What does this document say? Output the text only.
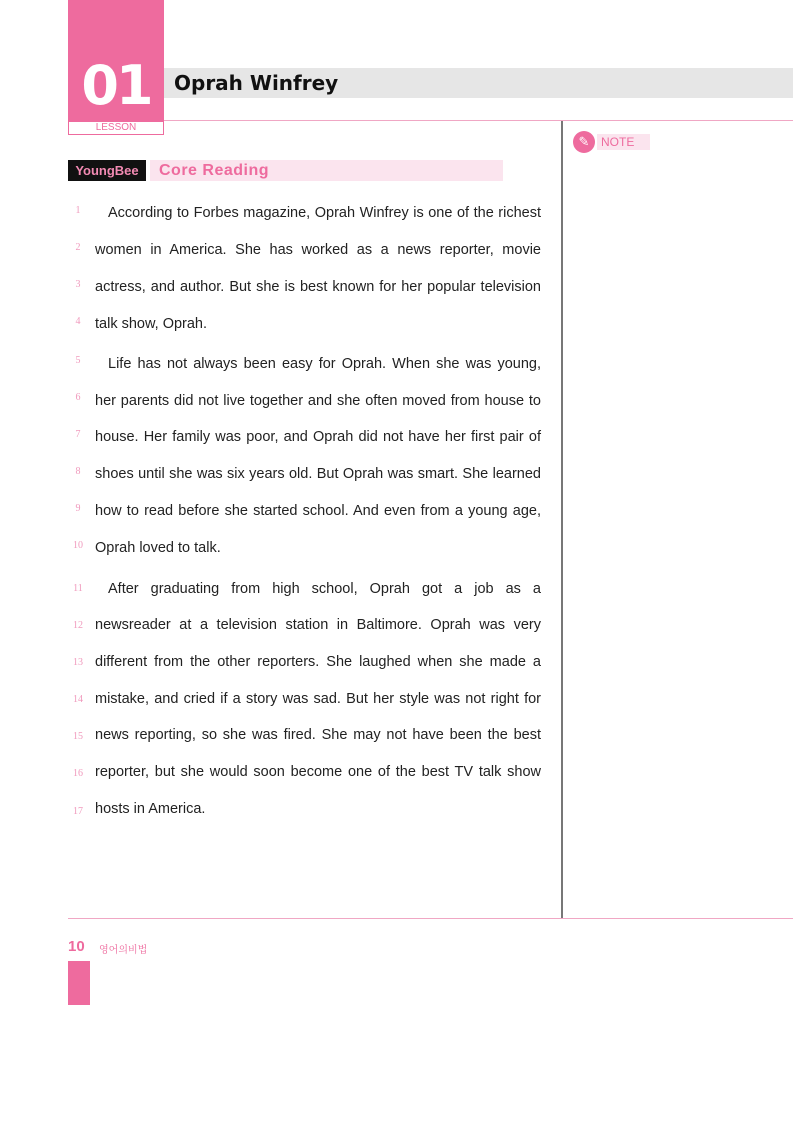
01
LESSON
Oprah Winfrey
✎ NOTE
YoungBee	Core Reading
1	According to Forbes magazine, Oprah Winfrey is one of the richest
2	women in America. She has worked as a news reporter, movie
3	actress, and author. But she is best known for her popular television
4	talk show, Oprah.
5	Life has not always been easy for Oprah. When she was young,
6	her parents did not live together and she often moved from house to
7	house. Her family was poor, and Oprah did not have her first pair of
8	shoes until she was six years old. But Oprah was smart. She learned
9	how to read before she started school. And even from a young age,
10 Oprah loved to talk.
11	After graduating from high school, Oprah got a job as a
12 newsreader at a television station in Baltimore. Oprah was very
13 different from the other reporters. She laughed when she made a
14 mistake, and cried if a story was sad. But her style was not right for
15 news reporting, so she was fired. She may not have been the best
16 reporter, but she would soon become one of the best TV talk show
17 hosts in America.
10 영어의비법
